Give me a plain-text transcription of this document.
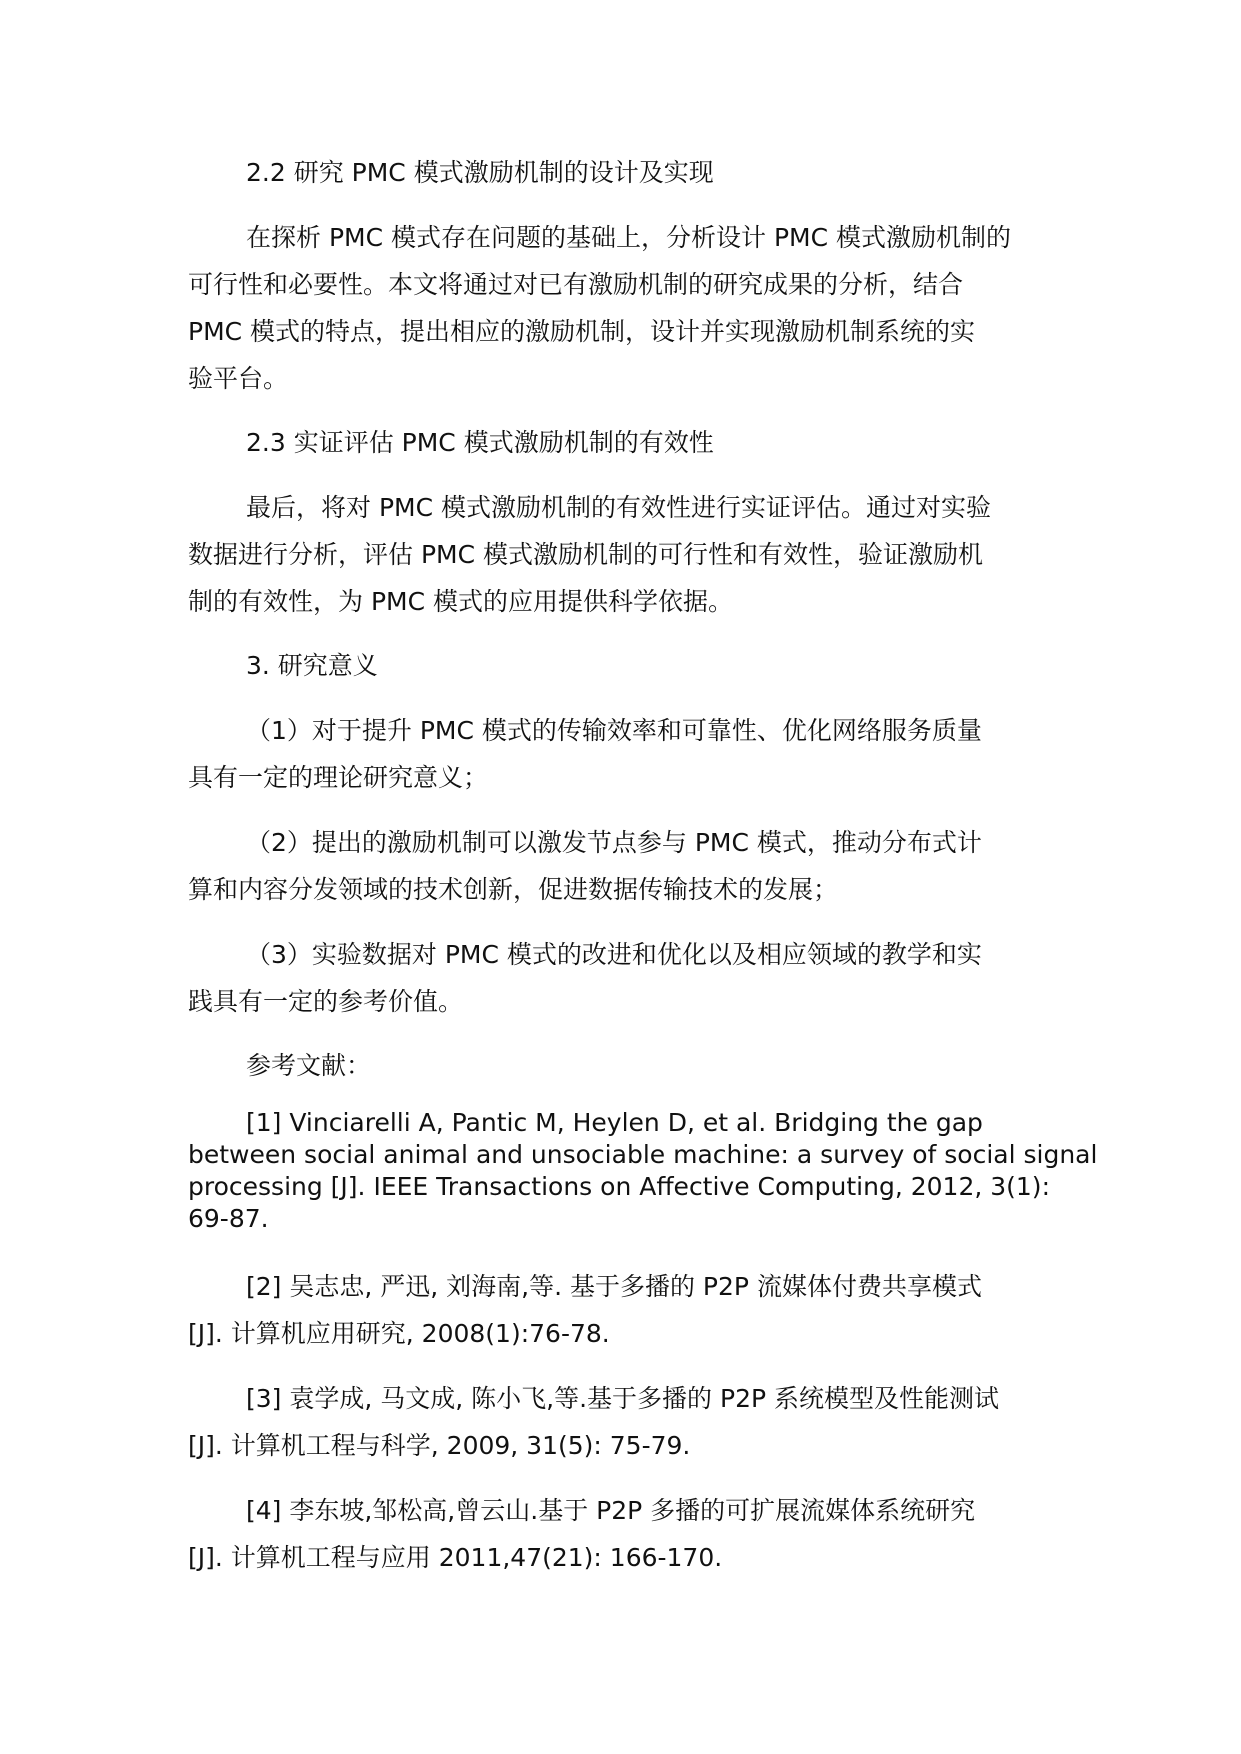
2.2 研究 PMC 模式激励机制的设计及实现
在探析 PMC 模式存在问题的基础上，分析设计 PMC 模式激励机制的
可行性和必要性。本文将通过对已有激励机制的研究成果的分析，结合
PMC 模式的特点，提出相应的激励机制，设计并实现激励机制系统的实
验平台。
2.3 实证评估 PMC 模式激励机制的有效性
最后，将对 PMC 模式激励机制的有效性进行实证评估。通过对实验
数据进行分析，评估 PMC 模式激励机制的可行性和有效性，验证激励机
制的有效性，为 PMC 模式的应用提供科学依据。
3. 研究意义
（1）对于提升 PMC 模式的传输效率和可靠性、优化网络服务质量
具有一定的理论研究意义；
（2）提出的激励机制可以激发节点参与 PMC 模式，推动分布式计
算和内容分发领域的技术创新，促进数据传输技术的发展；
（3）实验数据对 PMC 模式的改进和优化以及相应领域的教学和实
践具有一定的参考价值。
参考文献：
[1] Vinciarelli A, Pantic M, Heylen D, et al. Bridging the gap
between social animal and unsociable machine: a survey of social signal
processing [J]. IEEE Transactions on Affective Computing, 2012, 3(1):
69-87.
[2] 吴志忠, 严迅, 刘海南,等. 基于多播的 P2P 流媒体付费共享模式
[J]. 计算机应用研究, 2008(1):76-78.
[3] 袁学成, 马文成, 陈小飞,等.基于多播的 P2P 系统模型及性能测试
[J]. 计算机工程与科学, 2009, 31(5): 75-79.
[4] 李东坡,邹松高,曾云山.基于 P2P 多播的可扩展流媒体系统研究
[J]. 计算机工程与应用 2011,47(21): 166-170.
